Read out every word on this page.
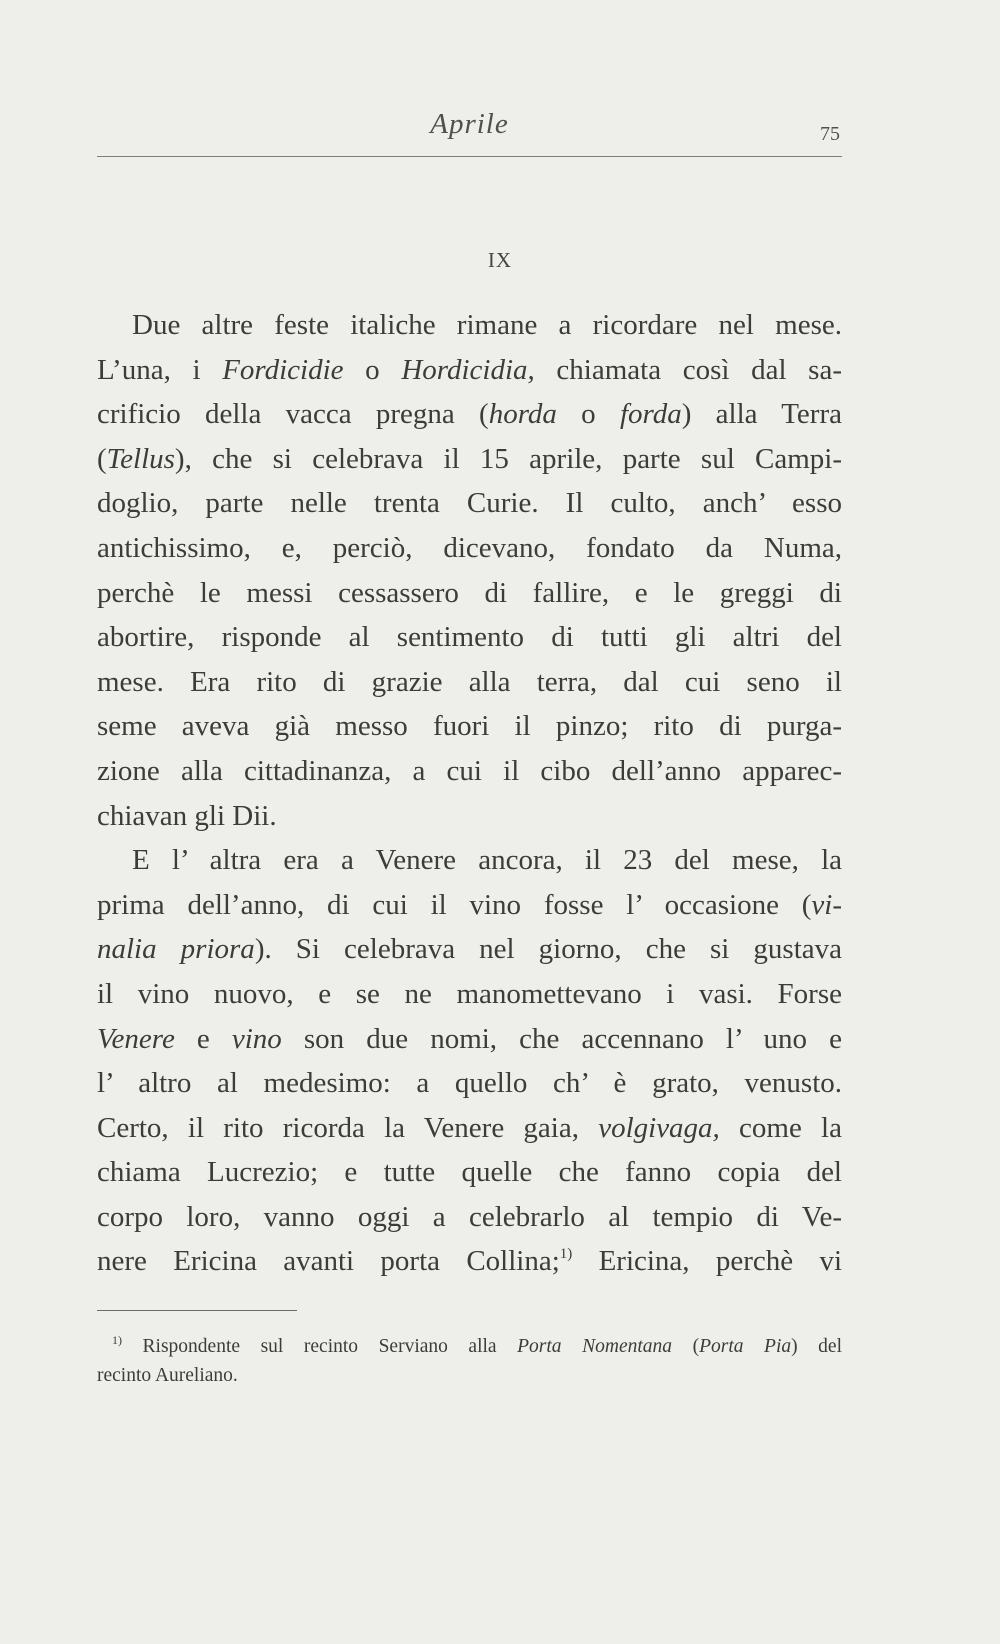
Aprile	75
IX
Due altre feste italiche rimane a ricordare nel mese.
L’una, i Fordicidie o Hordicidia, chiamata così dal sa-
crificio della vacca pregna (horda o forda) alla Terra
(Tellus), che si celebrava il 15 aprile, parte sul Campi-
doglio, parte nelle trenta Curie. Il culto, anch’ esso
antichissimo, e, perciò, dicevano, fondato da Numa,
perchè le messi cessassero di fallire, e le greggi di
abortire, risponde al sentimento di tutti gli altri del
mese. Era rito di grazie alla terra, dal cui seno il
seme aveva già messo fuori il pinzo; rito di purga-
zione alla cittadinanza, a cui il cibo dell’anno apparec-
chiavan gli Dii.
E l’ altra era a Venere ancora, il 23 del mese, la
prima dell’anno, di cui il vino fosse l’ occasione (vi-
nalia priora). Si celebrava nel giorno, che si gustava
il vino nuovo, e se ne manomettevano i vasi. Forse
Venere e vino son due nomi, che accennano l’ uno e
l’ altro al medesimo: a quello ch’ è grato, venusto.
Certo, il rito ricorda la Venere gaia, volgivaga, come la
chiama Lucrezio; e tutte quelle che fanno copia del
corpo loro, vanno oggi a celebrarlo al tempio di Ve-
nere Ericina avanti porta Collina;$^{1)}$ Ericina, perchè vi
$^{1)}$ Rispondente sul recinto Serviano alla Porta Nomentana (Porta Pia) del
recinto Aureliano.
